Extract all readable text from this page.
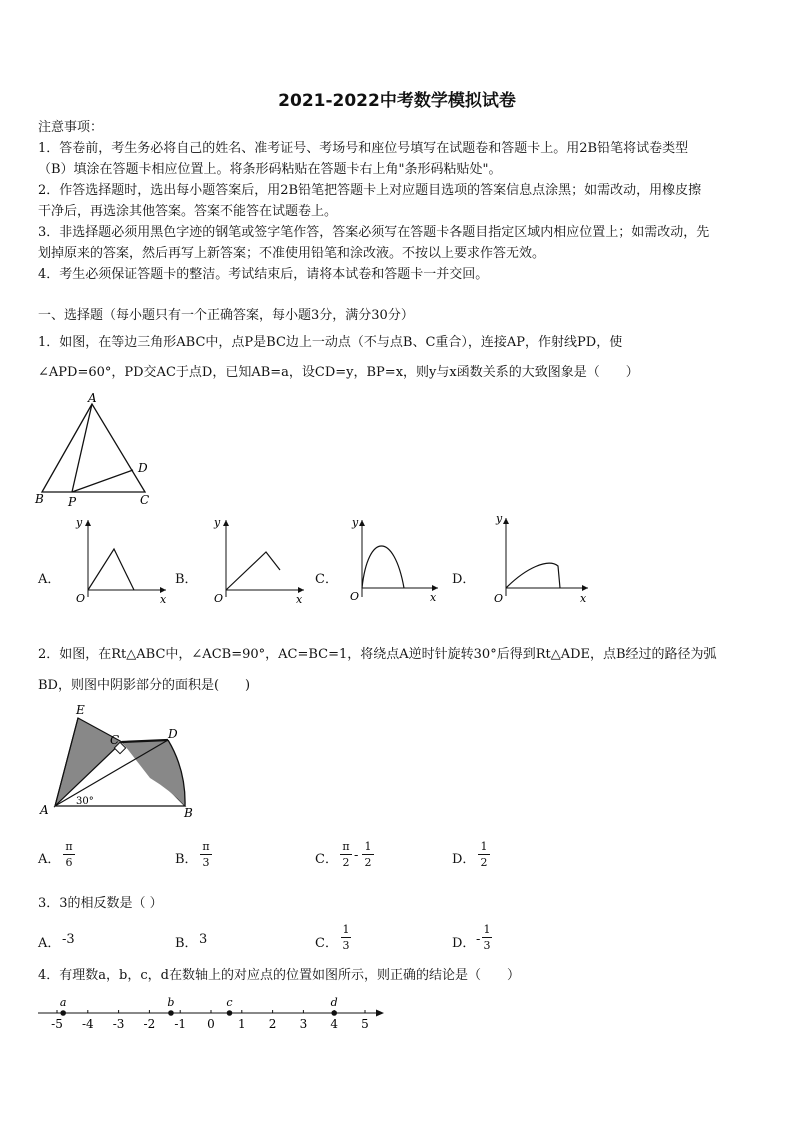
2021-2022中考数学模拟试卷
注意事项：
1．答卷前，考生务必将自己的姓名、准考证号、考场号和座位号填写在试题卷和答题卡上。用2B铅笔将试卷类型
（B）填涂在答题卡相应位置上。将条形码粘贴在答题卡右上角"条形码粘贴处"。
2．作答选择题时，选出每小题答案后，用2B铅笔把答题卡上对应题目选项的答案信息点涂黑；如需改动，用橡皮擦
干净后，再选涂其他答案。答案不能答在试题卷上。
3．非选择题必须用黑色字迹的钢笔或签字笔作答，答案必须写在答题卡各题目指定区域内相应位置上；如需改动，先
划掉原来的答案，然后再写上新答案；不准使用铅笔和涂改液。不按以上要求作答无效。
4．考生必须保证答题卡的整洁。考试结束后，请将本试卷和答题卡一并交回。
一、选择题（每小题只有一个正确答案，每小题3分，满分30分）
1．如图，在等边三角形ABC中，点P是BC边上一动点（不与点B、C重合），连接AP，作射线PD，使
∠APD=60°，PD交AC于点D，已知AB=a，设CD=y，BP=x，则y与x函数关系的大致图象是（　　）
A
B P	C
D
A．
y
x
O
B．
y
x
O
C．
y
x
O
D．
y
x
O
2．如图，在Rt△ABC中，∠ACB=90°，AC=BC=1，将绕点A逆时针旋转30°后得到Rt△ADE，点B经过的路径为弧
BD，则图中阴影部分的面积是(　　)
E
C	D
A	B
30°
A．
π
6	B．
π
3	C．
π
2 -
1
2	D．
1
2
3．3的相反数是（ ）
A． -3	B． 3	C．
1
3	D． -
1
3
4．有理数a，b，c，d在数轴上的对应点的位置如图所示，则正确的结论是（　　）
-5 -4 -3 -2 -1 0 1 2 3 4 5
a	b	c	d
